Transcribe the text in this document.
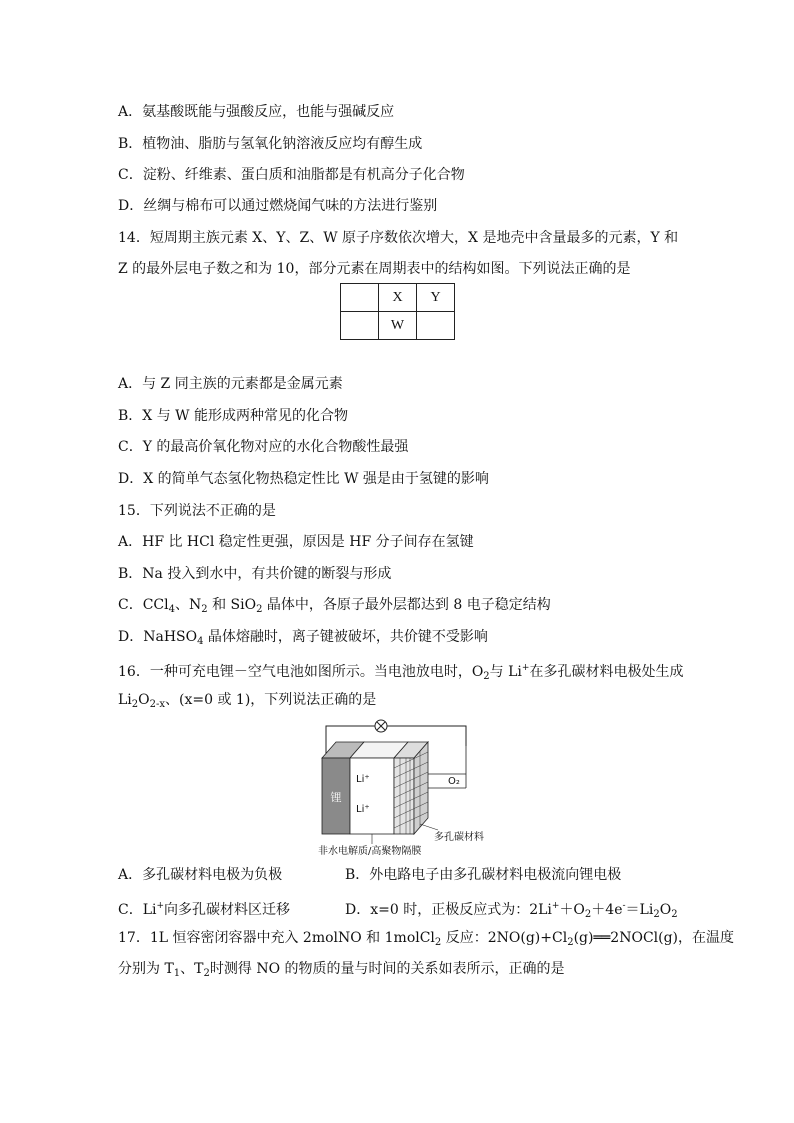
A．氨基酸既能与强酸反应，也能与强碱反应
B．植物油、脂肪与氢氧化钠溶液反应均有醇生成
C．淀粉、纤维素、蛋白质和油脂都是有机高分子化合物
D．丝绸与棉布可以通过燃烧闻气味的方法进行鉴别
14．短周期主族元素 X、Y、Z、W 原子序数依次增大，X 是地壳中含量最多的元素，Y 和
Z 的最外层电子数之和为 10，部分元素在周期表中的结构如图。下列说法正确的是
	X	Y
	W	
A．与 Z 同主族的元素都是金属元素
B．X 与 W 能形成两种常见的化合物
C．Y 的最高价氧化物对应的水化合物酸性最强
D．X 的简单气态氢化物热稳定性比 W 强是由于氢键的影响
15．下列说法不正确的是
A．HF 比 HCl 稳定性更强，原因是 HF 分子间存在氢键
B．Na 投入到水中，有共价键的断裂与形成
C．CCl$_4$、$N_2$ 和 SiO$_2$ 晶体中，各原子最外层都达到 8 电子稳定结构
D．NaHSO$_4$ 晶体熔融时，离子键被破坏，共价键不受影响
16．一种可充电锂－空气电池如图所示。当电池放电时，$O_2$与 Li+在多孔碳材料电极处生成
$Li_2O_{2-x}$、(x=0 或 1)，下列说法正确的是
锂
Li⁺
Li⁺
O₂
多孔碳材料
非水电解质/高聚物隔膜
A．多孔碳材料电极为负极	B．外电路电子由多孔碳材料电极流向锂电极
C．Li+向多孔碳材料区迁移	D．x=0 时，正极反应式为：$2Li^++O_2+4e^-=Li_2O_2$
17．1L 恒容密闭容器中充入 2molNO 和 1molCl$_2$ 反应：$2NO(g)+Cl_2(g)══2NOCl(g)$，在温度
分别为 $T_1$、$T_2$时测得 NO 的物质的量与时间的关系如表所示，正确的是
